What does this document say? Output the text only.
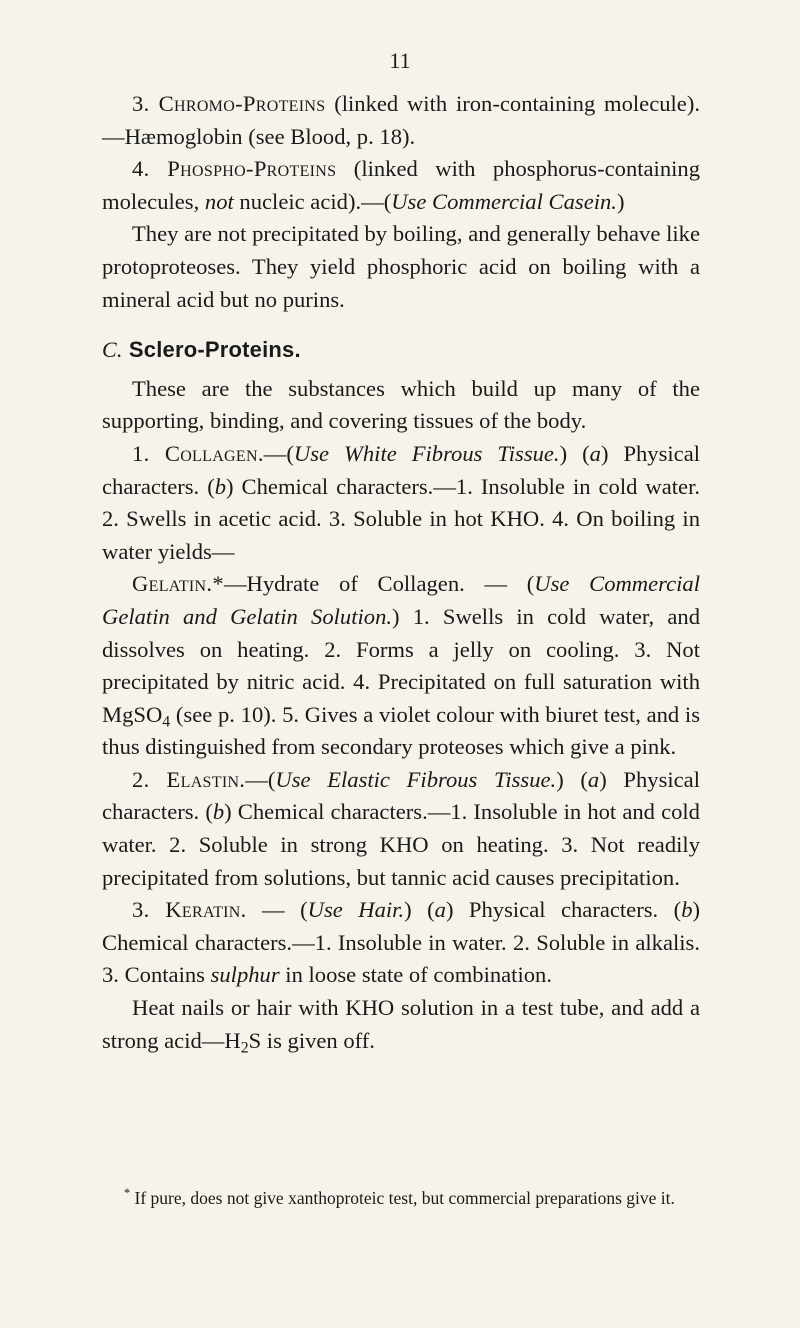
11

3. Chromo-Proteins (linked with iron-containing molecule).—Hæmoglobin (see Blood, p. 18).

4. Phospho-Proteins (linked with phosphorus-containing molecules, not nucleic acid).—(Use Commercial Casein.)

They are not precipitated by boiling, and generally behave like protoproteoses. They yield phosphoric acid on boiling with a mineral acid but no purins.

C. Sclero-Proteins.

These are the substances which build up many of the supporting, binding, and covering tissues of the body.

1. Collagen.—(Use White Fibrous Tissue.) (a) Physical characters. (b) Chemical characters.—1. Insoluble in cold water. 2. Swells in acetic acid. 3. Soluble in hot KHO. 4. On boiling in water yields—

Gelatin.*—Hydrate of Collagen. — (Use Commercial Gelatin and Gelatin Solution.) 1. Swells in cold water, and dissolves on heating. 2. Forms a jelly on cooling. 3. Not precipitated by nitric acid. 4. Precipitated on full saturation with MgSO$_4$ (see p. 10). 5. Gives a violet colour with biuret test, and is thus distinguished from secondary proteoses which give a pink.

2. Elastin.—(Use Elastic Fibrous Tissue.) (a) Physical characters. (b) Chemical characters.—1. Insoluble in hot and cold water. 2. Soluble in strong KHO on heating. 3. Not readily precipitated from solutions, but tannic acid causes precipitation.

3. Keratin. — (Use Hair.) (a) Physical characters. (b) Chemical characters.—1. Insoluble in water. 2. Soluble in alkalis. 3. Contains sulphur in loose state of combination.

Heat nails or hair with KHO solution in a test tube, and add a strong $acid—H_2S$ is given off.

* If pure, does not give xanthoproteic test, but commercial preparations give it.
